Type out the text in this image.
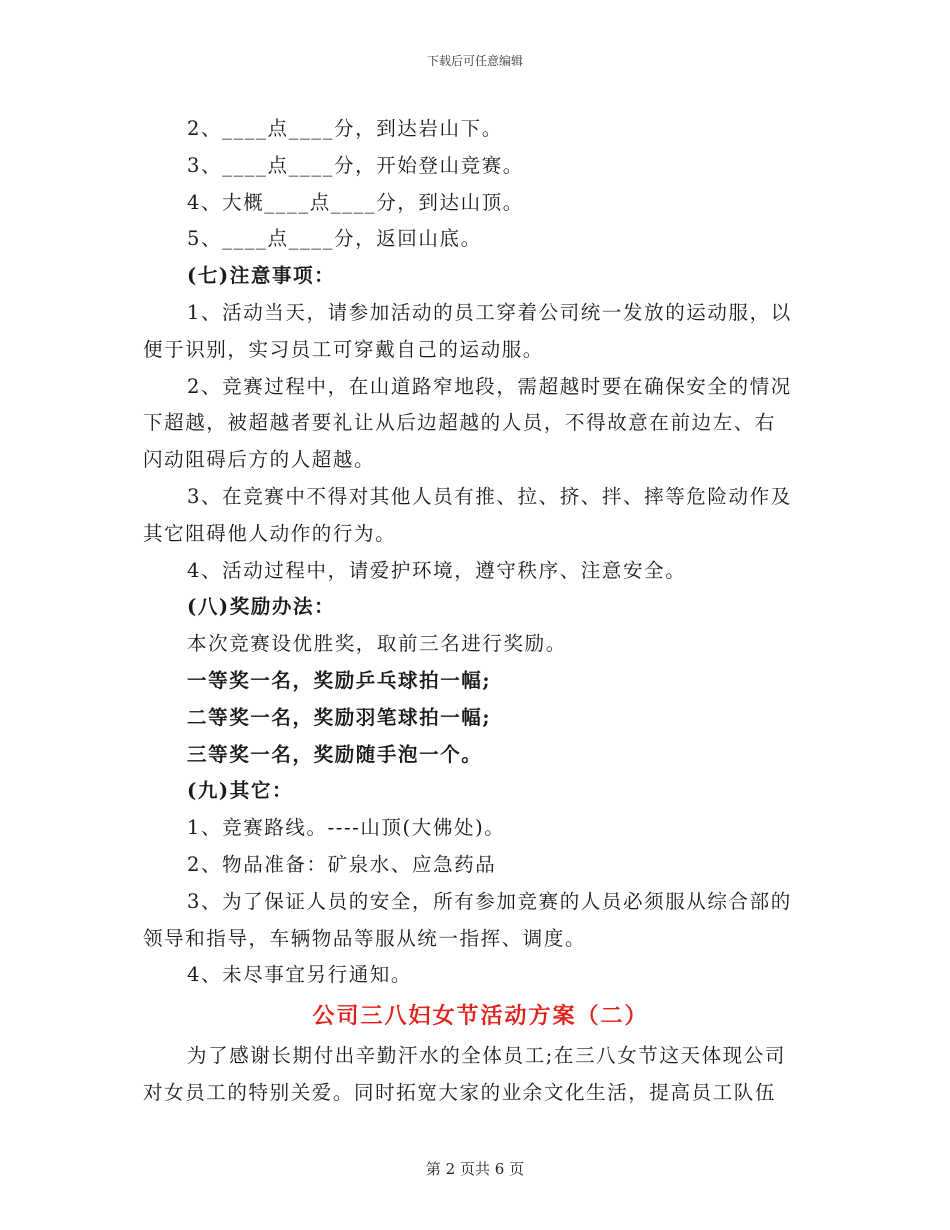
下载后可任意编辑
2、____点____分，到达岩山下。
3、____点____分，开始登山竞赛。
4、大概____点____分，到达山顶。
5、____点____分，返回山底。
(七)注意事项：
1、活动当天，请参加活动的员工穿着公司统一发放的运动服，以
便于识别，实习员工可穿戴自己的运动服。
2、竞赛过程中，在山道路窄地段，需超越时要在确保安全的情况
下超越，被超越者要礼让从后边超越的人员，不得故意在前边左、右
闪动阻碍后方的人超越。
3、在竞赛中不得对其他人员有推、拉、挤、拌、摔等危险动作及
其它阻碍他人动作的行为。
4、活动过程中，请爱护环境，遵守秩序、注意安全。
(八)奖励办法：
本次竞赛设优胜奖，取前三名进行奖励。
一等奖一名，奖励乒乓球拍一幅;
二等奖一名，奖励羽笔球拍一幅;
三等奖一名，奖励随手泡一个。
(九)其它：
1、竞赛路线。----山顶(大佛处)。
2、物品准备：矿泉水、应急药品
3、为了保证人员的安全，所有参加竞赛的人员必须服从综合部的
领导和指导，车辆物品等服从统一指挥、调度。
4、未尽事宜另行通知。
公司三八妇女节活动方案（二）
为了感谢长期付出辛勤汗水的全体员工;在三八女节这天体现公司
对女员工的特别关爱。同时拓宽大家的业余文化生活，提高员工队伍
第 2 页共 6 页
